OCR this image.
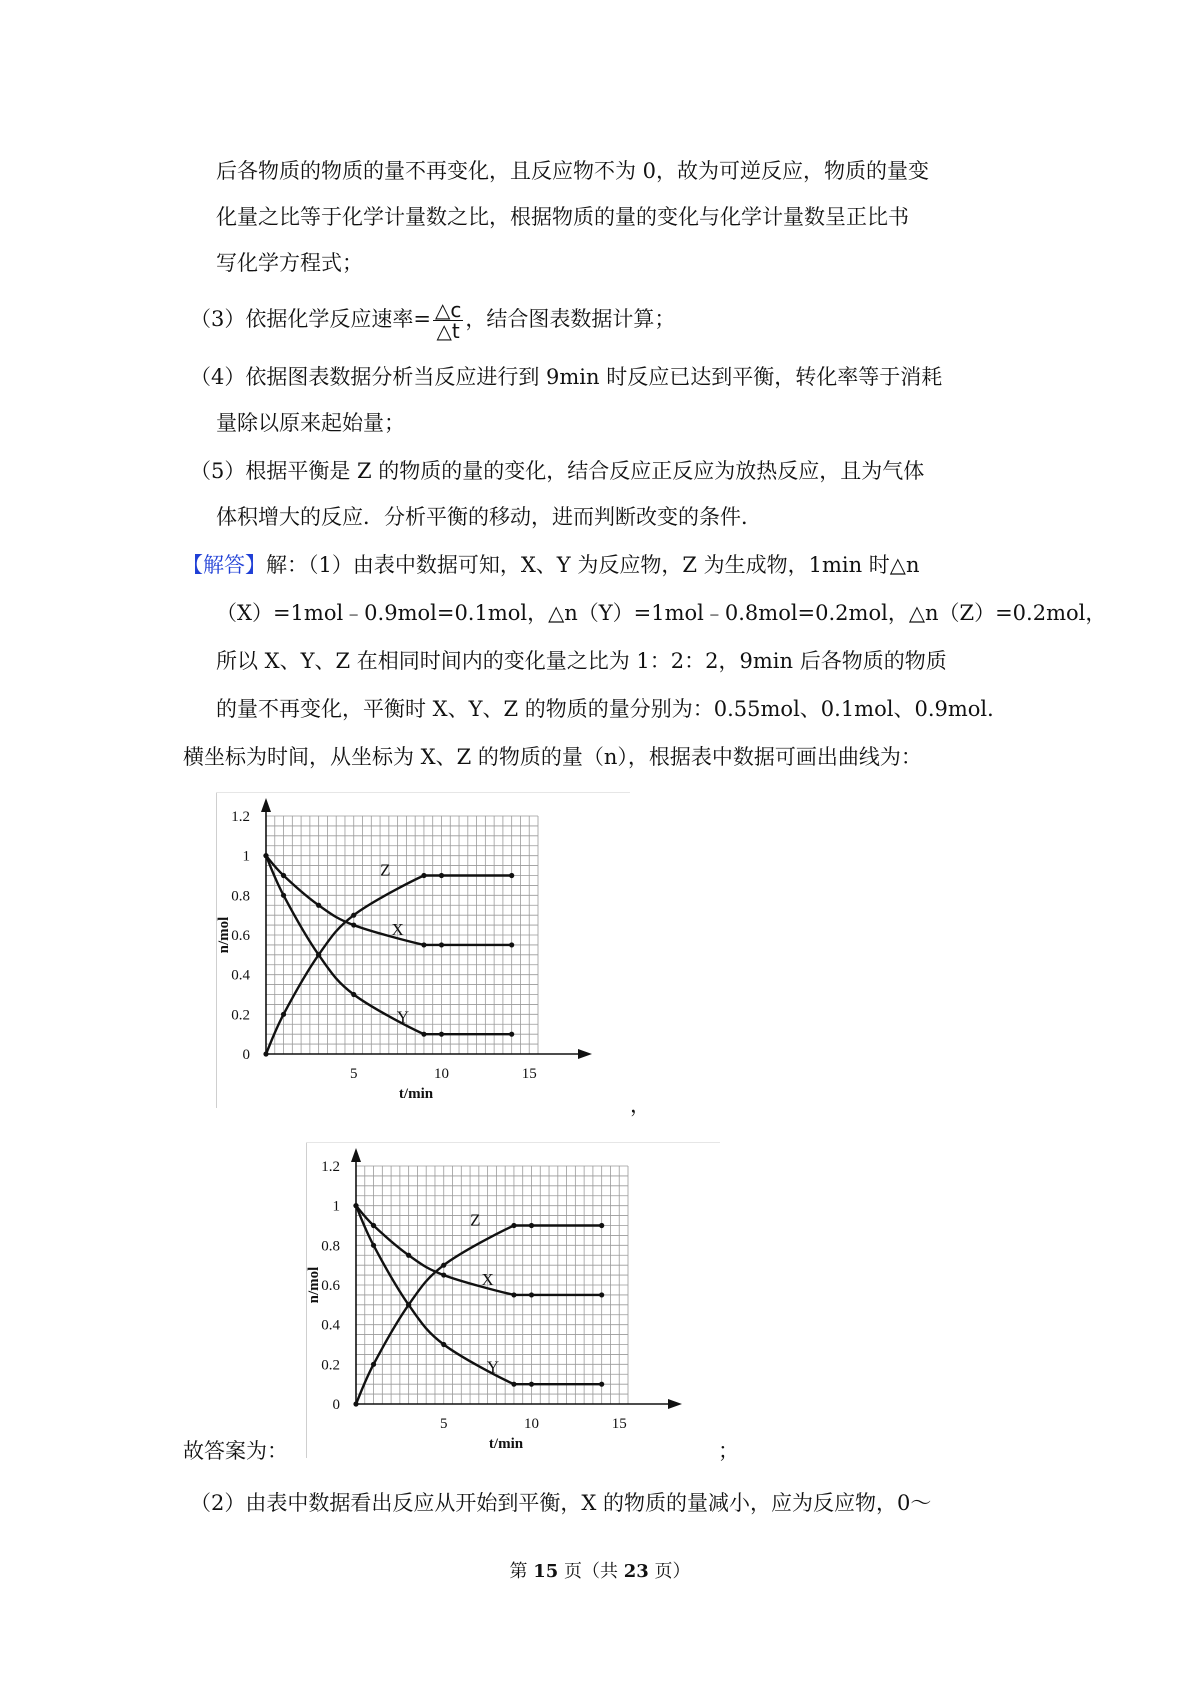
后各物质的物质的量不再变化，且反应物不为 0，故为可逆反应，物质的量变
化量之比等于化学计量数之比，根据物质的量的变化与化学计量数呈正比书
写化学方程式；
（3）依据化学反应速率= $\frac{\triangle c}{\triangle t}$ ，结合图表数据计算；
（4）依据图表数据分析当反应进行到 9min 时反应已达到平衡，转化率等于消耗
量除以原来起始量；
（5）根据平衡是 Z 的物质的量的变化，结合反应正反应为放热反应，且为气体
体积增大的反应．分析平衡的移动，进而判断改变的条件．
【解答】解：（1）由表中数据可知，X、Y 为反应物，Z 为生成物，1min 时△n
（X）=1mol﹣0.9mol=0.1mol，△n（Y）=1mol﹣0.8mol=0.2mol，△n（Z）=0.2mol，
所以 X、Y、Z 在相同时间内的变化量之比为 1：2：2，9min 后各物质的物质
的量不再变化，平衡时 X、Y、Z 的物质的量分别为：0.55mol、0.1mol、0.9mol．
横坐标为时间，从坐标为 X、Z 的物质的量（n），根据表中数据可画出曲线为：
0
0.2
0.4
0.6
0.8
1
1.2
5	10	15
t/min
n/mol	X
Y
Z
，
故答案为：
0
0.2
0.4
0.6
0.8
1
1.2
5	10	15
t/min
n/mol	X
Y
Z
；
（2）由表中数据看出反应从开始到平衡，X 的物质的量减小，应为反应物，0～
第 15 页（共 23 页）
